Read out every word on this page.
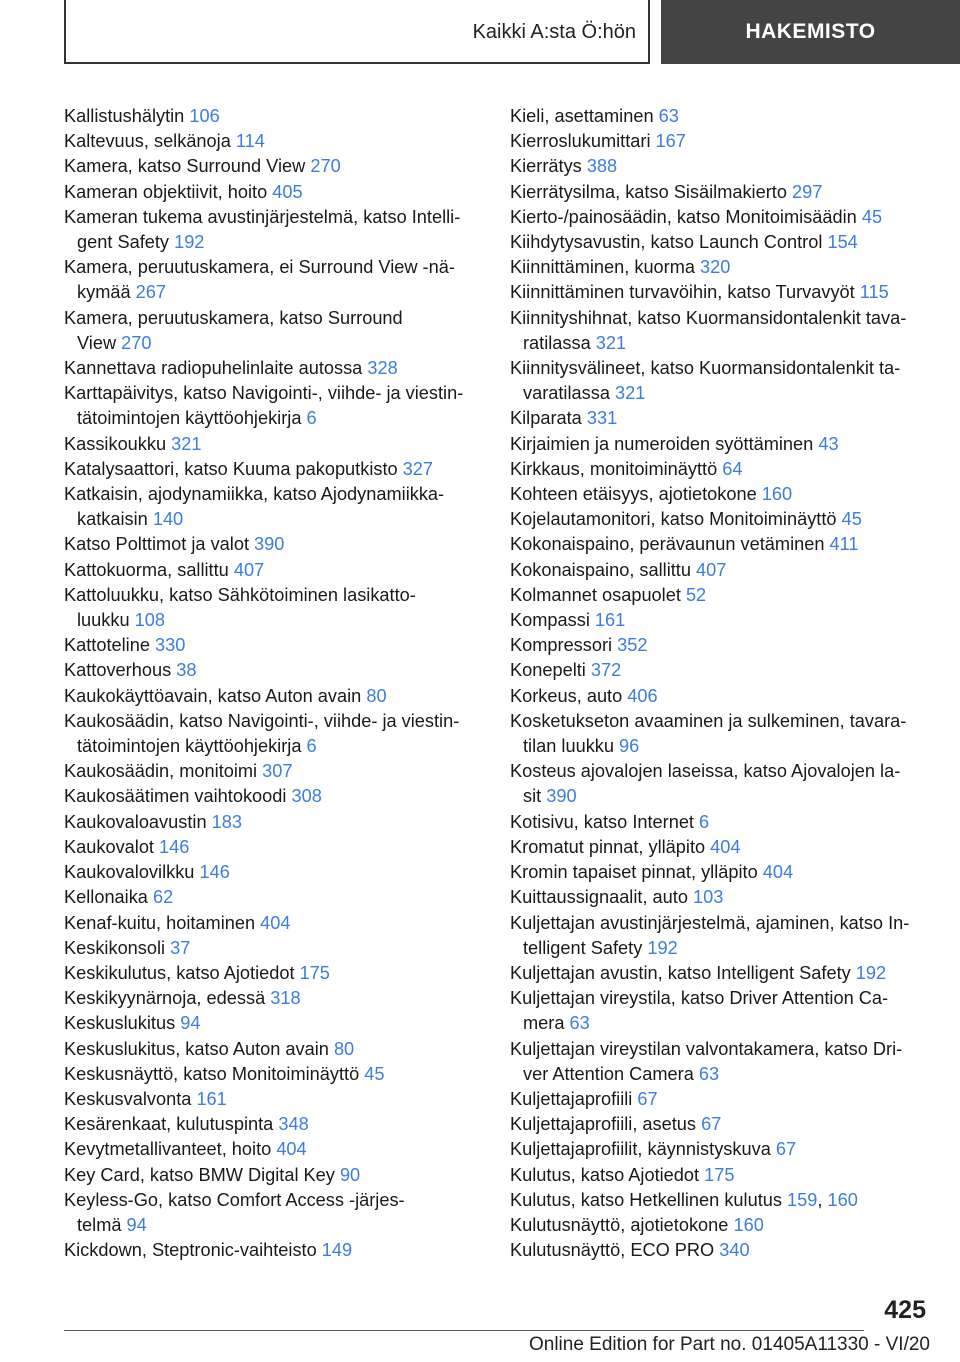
Kaikki A:sta Ö:hön	HAKEMISTO
Kallistushälytin 106
Kaltevuus, selkänoja 114
Kamera, katso Surround View 270
Kameran objektiivit, hoito 405
Kameran tukema avustinjärjestelmä, katso Intelli-
gent Safety 192
Kamera, peruutuskamera, ei Surround View -nä-
kymää 267
Kamera, peruutuskamera, katso Surround
View 270
Kannettava radiopuhelinlaite autossa 328
Karttapäivitys, katso Navigointi-, viihde- ja viestin-
tätoimintojen käyttöohjekirja 6
Kassikoukku 321
Katalysaattori, katso Kuuma pakoputkisto 327
Katkaisin, ajodynamiikka, katso Ajodynamiikka-
katkaisin 140
Katso Polttimot ja valot 390
Kattokuorma, sallittu 407
Kattoluukku, katso Sähkötoiminen lasikatto-
luukku 108
Kattoteline 330
Kattoverhous 38
Kaukokäyttöavain, katso Auton avain 80
Kaukosäädin, katso Navigointi-, viihde- ja viestin-
tätoimintojen käyttöohjekirja 6
Kaukosäädin, monitoimi 307
Kaukosäätimen vaihtokoodi 308
Kaukovaloavustin 183
Kaukovalot 146
Kaukovalovilkku 146
Kellonaika 62
Kenaf-kuitu, hoitaminen 404
Keskikonsoli 37
Keskikulutus, katso Ajotiedot 175
Keskikyynärnoja, edessä 318
Keskuslukitus 94
Keskuslukitus, katso Auton avain 80
Keskusnäyttö, katso Monitoiminäyttö 45
Keskusvalvonta 161
Kesärenkaat, kulutuspinta 348
Kevytmetallivanteet, hoito 404
Key Card, katso BMW Digital Key 90
Keyless-Go, katso Comfort Access -järjes-
telmä 94
Kickdown, Steptronic-vaihteisto 149
Kieli, asettaminen 63
Kierroslukumittari 167
Kierrätys 388
Kierrätysilma, katso Sisäilmakierto 297
Kierto-/painosäädin, katso Monitoimisäädin 45
Kiihdytysavustin, katso Launch Control 154
Kiinnittäminen, kuorma 320
Kiinnittäminen turvavöihin, katso Turvavyöt 115
Kiinnityshihnat, katso Kuormansidontalenkit tava-
ratilassa 321
Kiinnitysvälineet, katso Kuormansidontalenkit ta-
varatilassa 321
Kilparata 331
Kirjaimien ja numeroiden syöttäminen 43
Kirkkaus, monitoiminäyttö 64
Kohteen etäisyys, ajotietokone 160
Kojelautamonitori, katso Monitoiminäyttö 45
Kokonaispaino, perävaunun vetäminen 411
Kokonaispaino, sallittu 407
Kolmannet osapuolet 52
Kompassi 161
Kompressori 352
Konepelti 372
Korkeus, auto 406
Kosketukseton avaaminen ja sulkeminen, tavara-
tilan luukku 96
Kosteus ajovalojen laseissa, katso Ajovalojen la-
sit 390
Kotisivu, katso Internet 6
Kromatut pinnat, ylläpito 404
Kromin tapaiset pinnat, ylläpito 404
Kuittaussignaalit, auto 103
Kuljettajan avustinjärjestelmä, ajaminen, katso In-
telligent Safety 192
Kuljettajan avustin, katso Intelligent Safety 192
Kuljettajan vireystila, katso Driver Attention Ca-
mera 63
Kuljettajan vireystilan valvontakamera, katso Dri-
ver Attention Camera 63
Kuljettajaprofiili 67
Kuljettajaprofiili, asetus 67
Kuljettajaprofiilit, käynnistyskuva 67
Kulutus, katso Ajotiedot 175
Kulutus, katso Hetkellinen kulutus 159, 160
Kulutusnäyttö, ajotietokone 160
Kulutusnäyttö, ECO PRO 340
425
Online Edition for Part no. 01405A11330 - VI/20
